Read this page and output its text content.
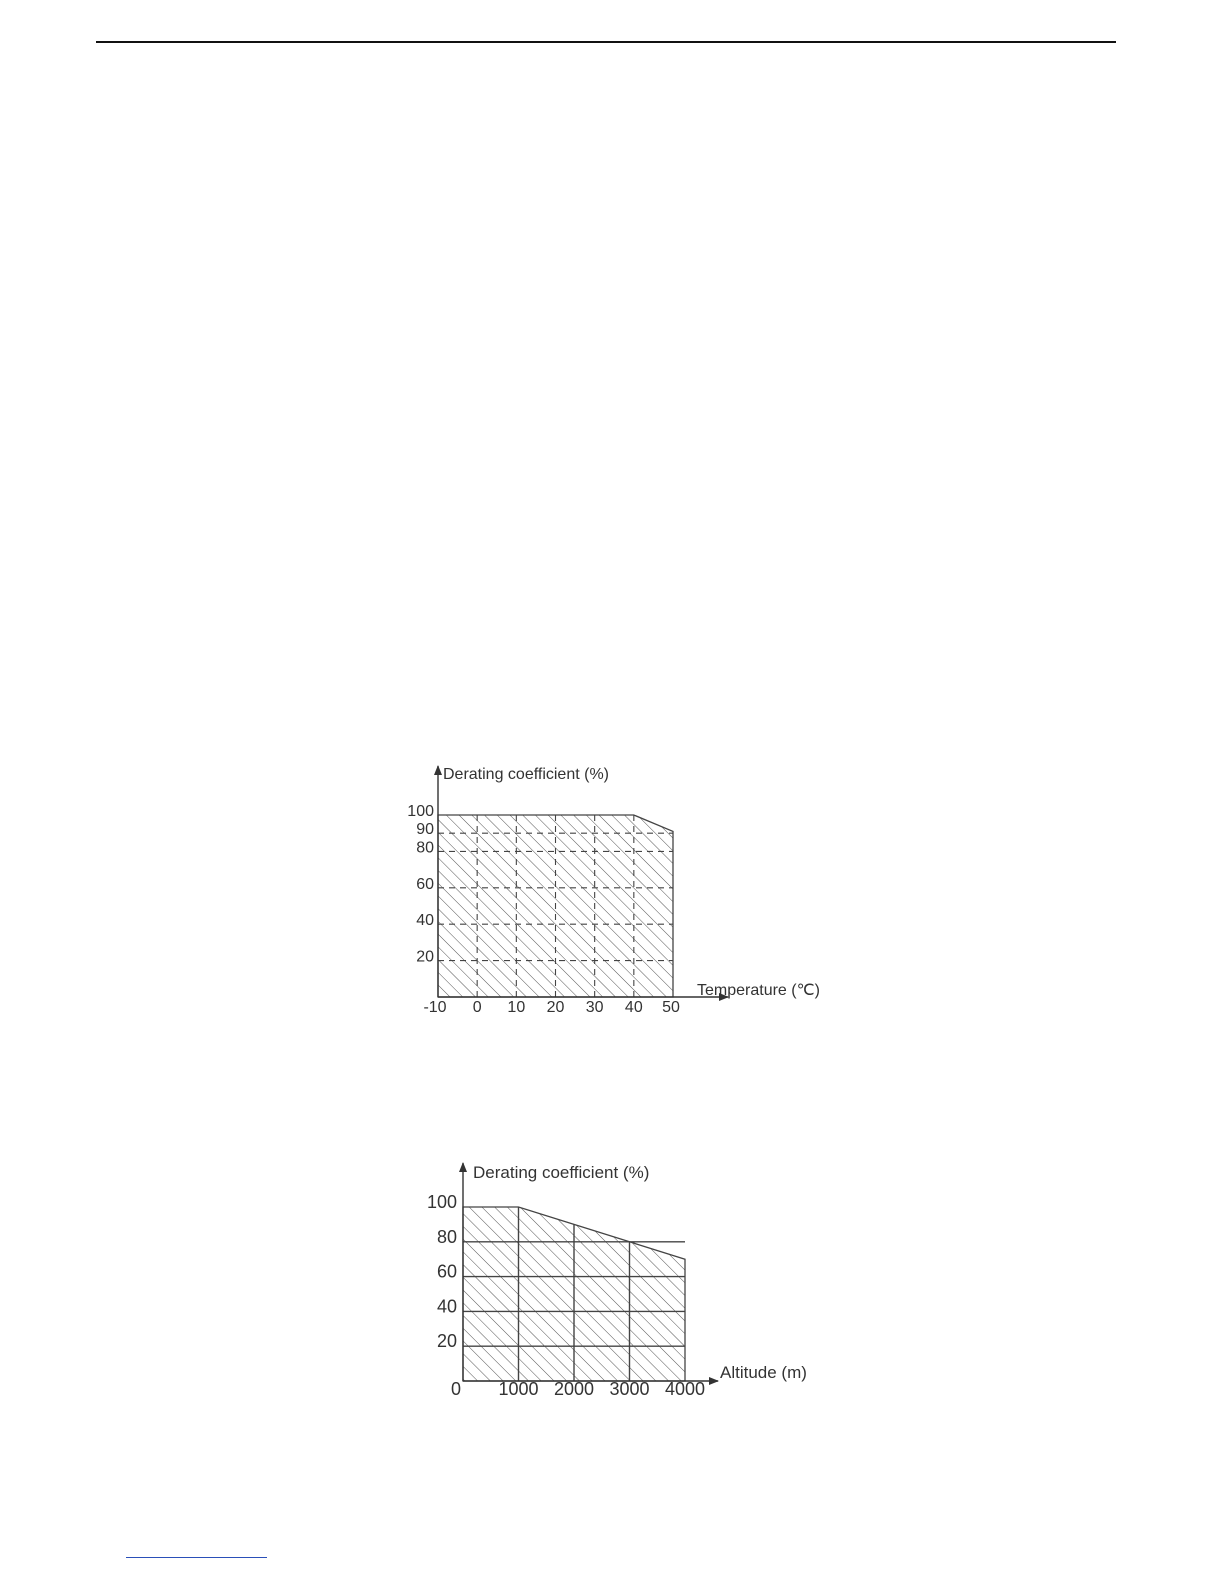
Derating coefficient (%)
Temperature (℃)
-10 0 10 20 30 40 50
20
40
60
80
90
100
Derating coefficient (%)
Altitude (m)
0 1000 2000 3000 4000
20
40
60
80
100
